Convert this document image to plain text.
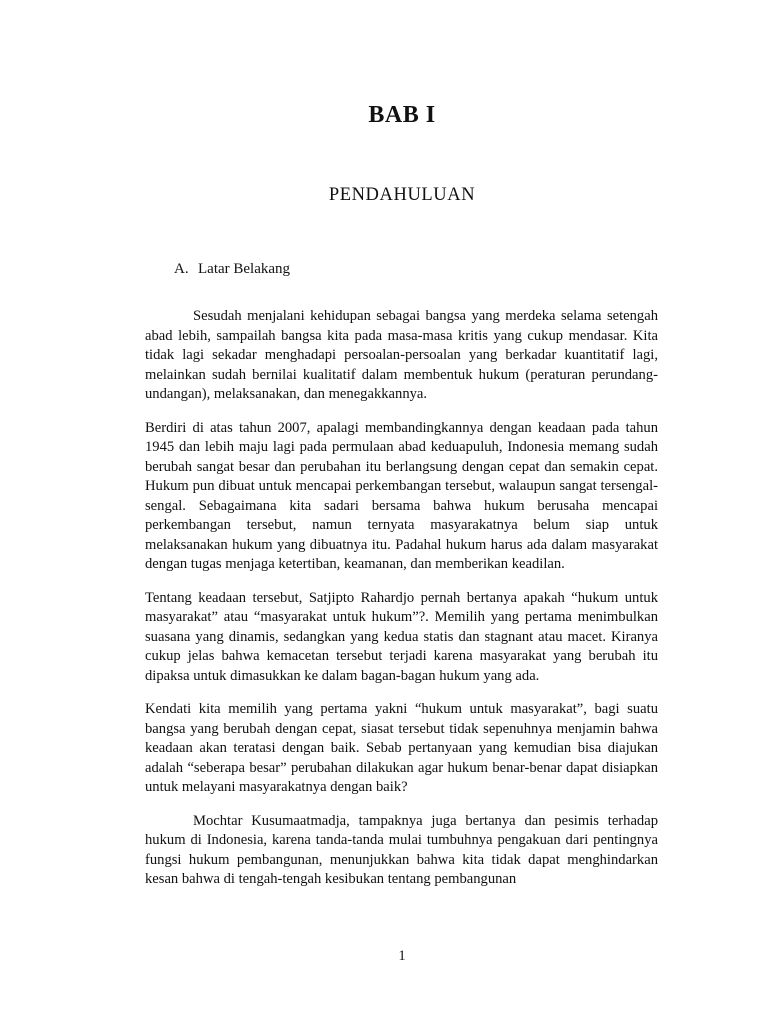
BAB I
PENDAHULUAN
A. Latar Belakang

Sesudah menjalani kehidupan sebagai bangsa yang merdeka selama setengah abad lebih, sampailah bangsa kita pada masa-masa kritis yang cukup mendasar. Kita tidak lagi sekadar menghadapi persoalan-persoalan yang berkadar kuantitatif lagi, melainkan sudah bernilai kualitatif dalam membentuk hukum (peraturan perundang-undangan), melaksanakan, dan menegakkannya.

Berdiri di atas tahun 2007, apalagi membandingkannya dengan keadaan pada tahun 1945 dan lebih maju lagi pada permulaan abad keduapuluh, Indonesia memang sudah berubah sangat besar dan perubahan itu berlangsung dengan cepat dan semakin cepat. Hukum pun dibuat untuk mencapai perkembangan tersebut, walaupun sangat tersengal-sengal. Sebagaimana kita sadari bersama bahwa hukum berusaha mencapai perkembangan tersebut, namun ternyata masyarakatnya belum siap untuk melaksanakan hukum yang dibuatnya itu. Padahal hukum harus ada dalam masyarakat dengan tugas menjaga ketertiban, keamanan, dan memberikan keadilan.

Tentang keadaan tersebut, Satjipto Rahardjo pernah bertanya apakah “hukum untuk masyarakat” atau “masyarakat untuk hukum”?. Memilih yang pertama menimbulkan suasana yang dinamis, sedangkan yang kedua statis dan stagnant atau macet. Kiranya cukup jelas bahwa kemacetan tersebut terjadi karena masyarakat yang berubah itu dipaksa untuk dimasukkan ke dalam bagan-bagan hukum yang ada.

Kendati kita memilih yang pertama yakni “hukum untuk masyarakat”, bagi suatu bangsa yang berubah dengan cepat, siasat tersebut tidak sepenuhnya menjamin bahwa keadaan akan teratasi dengan baik. Sebab pertanyaan yang kemudian bisa diajukan adalah “seberapa besar” perubahan dilakukan agar hukum benar-benar dapat disiapkan untuk melayani masyarakatnya dengan baik?

Mochtar Kusumaatmadja, tampaknya juga bertanya dan pesimis terhadap hukum di Indonesia, karena tanda-tanda mulai tumbuhnya pengakuan dari pentingnya fungsi hukum pembangunan, menunjukkan bahwa kita tidak dapat menghindarkan kesan bahwa di tengah-tengah kesibukan tentang pembangunan

1
